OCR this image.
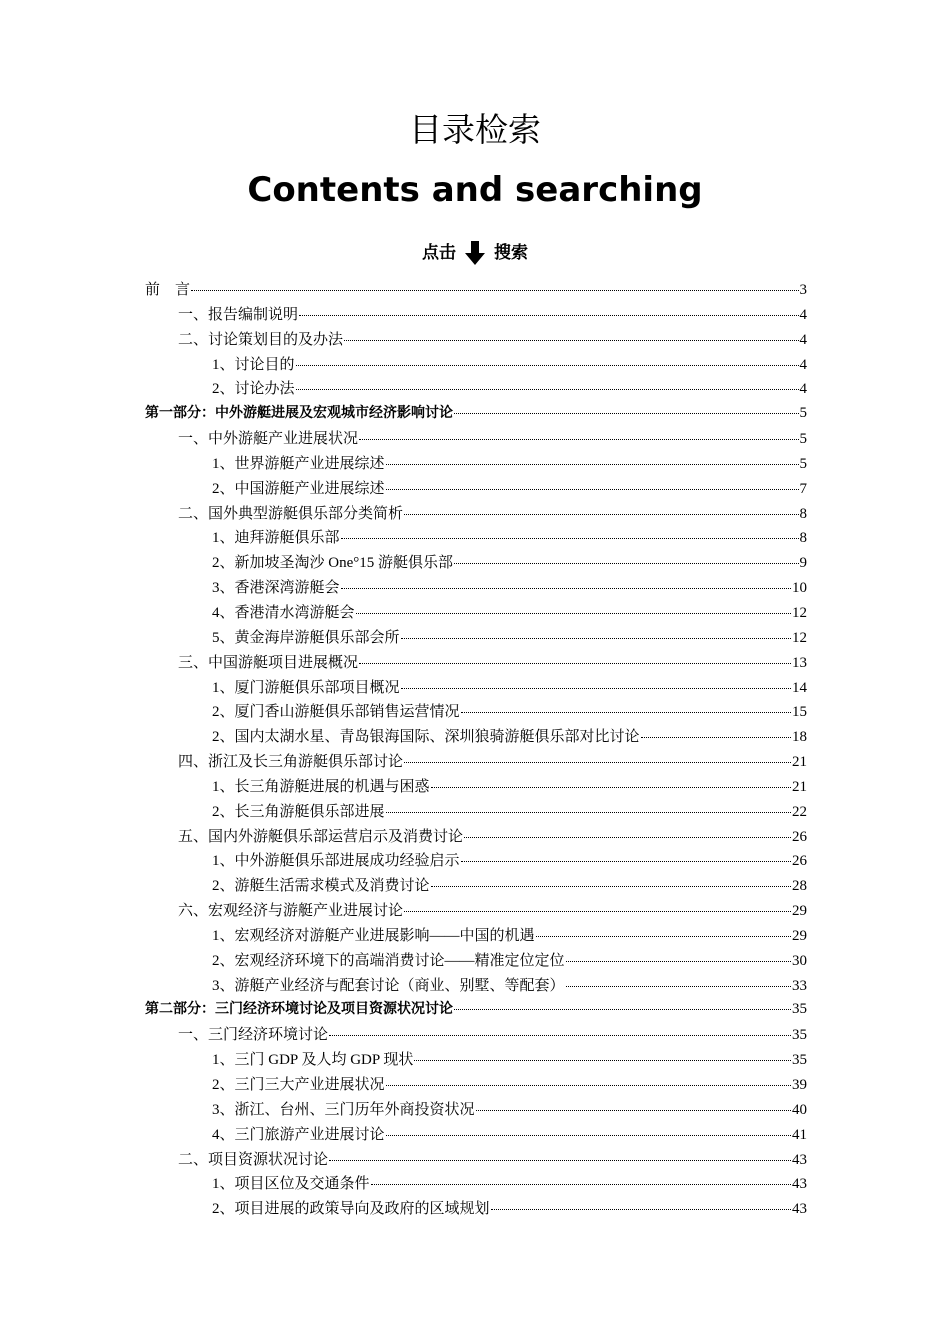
目录检索
Contents and searching
点击 搜索
前　言	3
一、报告编制说明	4
二、讨论策划目的及办法	4
1、讨论目的	4
2、讨论办法	4
第一部分：中外游艇进展及宏观城市经济影响讨论	5
一、中外游艇产业进展状况	5
1、世界游艇产业进展综述	5
2、中国游艇产业进展综述	7
二、国外典型游艇俱乐部分类简析	8
1、迪拜游艇俱乐部	8
2、新加坡圣淘沙 One°15 游艇俱乐部	9
3、香港深湾游艇会	10
4、香港清水湾游艇会	12
5、黄金海岸游艇俱乐部会所	12
三、中国游艇项目进展概况	13
1、厦门游艇俱乐部项目概况	14
2、厦门香山游艇俱乐部销售运营情况	15
2、国内太湖水星、青岛银海国际、深圳狼骑游艇俱乐部对比讨论	18
四、浙江及长三角游艇俱乐部讨论	21
1、长三角游艇进展的机遇与困惑	21
2、长三角游艇俱乐部进展	22
五、国内外游艇俱乐部运营启示及消费讨论	26
1、中外游艇俱乐部进展成功经验启示	26
2、游艇生活需求模式及消费讨论	28
六、宏观经济与游艇产业进展讨论	29
1、宏观经济对游艇产业进展影响——中国的机遇	29
2、宏观经济环境下的高端消费讨论——精准定位定位	30
3、游艇产业经济与配套讨论（商业、别墅、等配套）	33
第二部分：三门经济环境讨论及项目资源状况讨论	35
一、三门经济环境讨论	35
1、三门 GDP 及人均 GDP 现状	35
2、三门三大产业进展状况	39
3、浙江、台州、三门历年外商投资状况	40
4、三门旅游产业进展讨论	41
二、项目资源状况讨论	43
1、项目区位及交通条件	43
2、项目进展的政策导向及政府的区域规划	43
